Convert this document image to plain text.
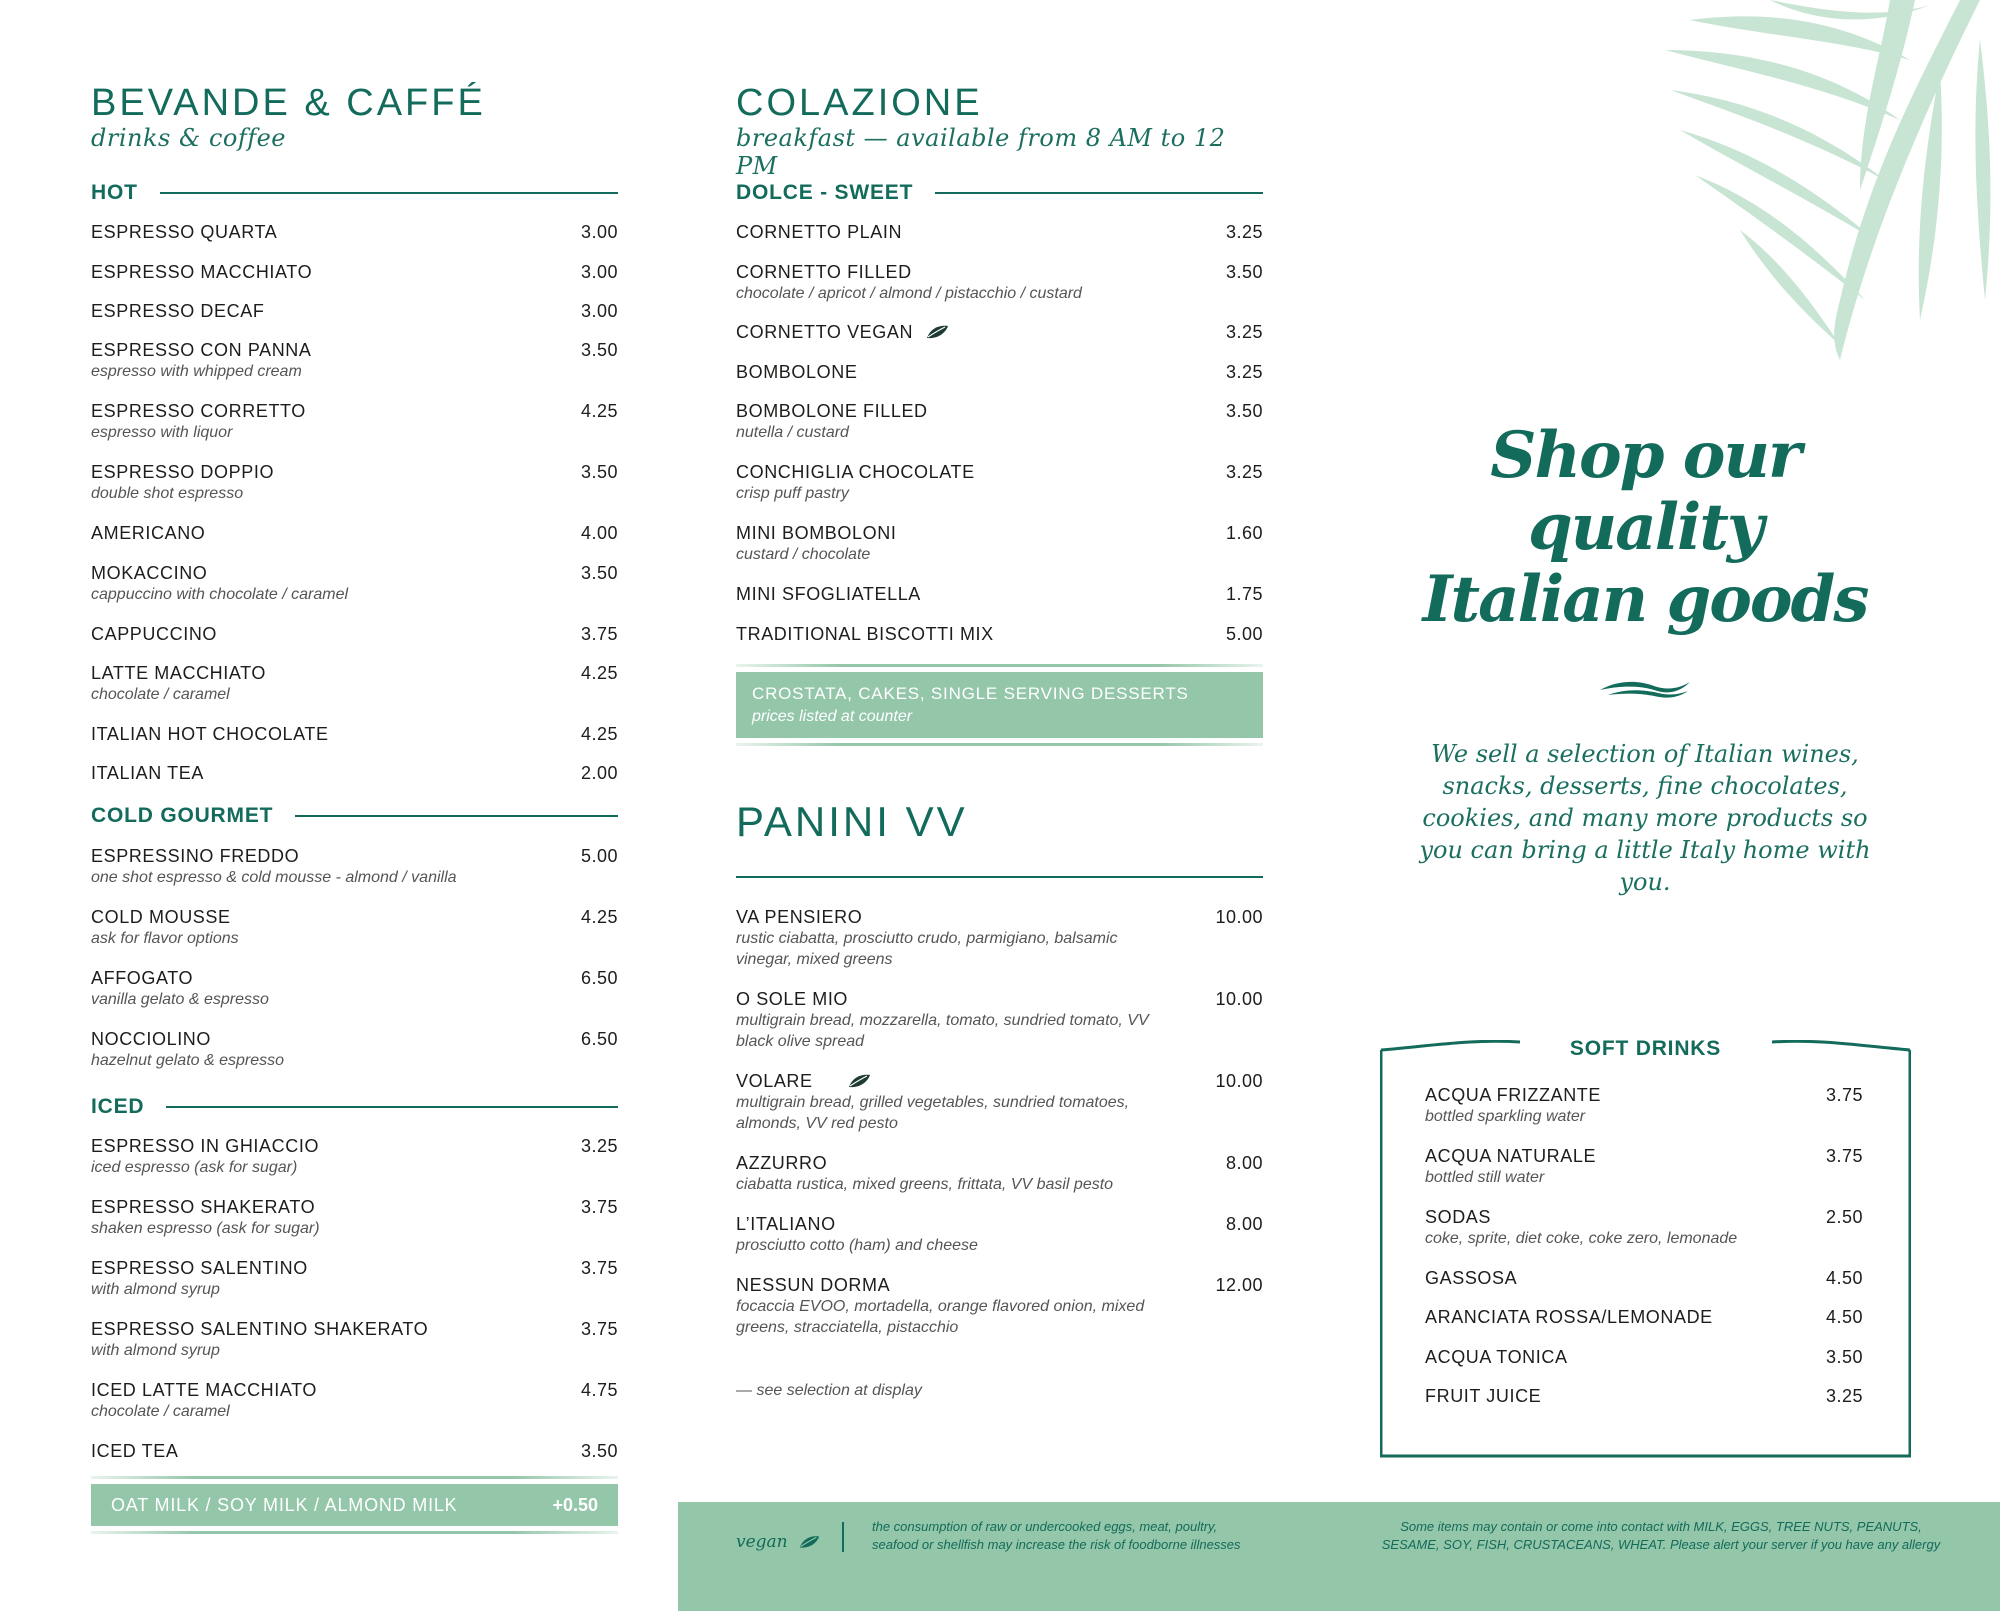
BEVANDE & CAFFÉ
drinks & coffee
HOT
ESPRESSO QUARTA	3.00
ESPRESSO MACCHIATO	3.00
ESPRESSO DECAF	3.00
ESPRESSO CON PANNA	3.50
espresso with whipped cream
ESPRESSO CORRETTO	4.25
espresso with liquor
ESPRESSO DOPPIO	3.50
double shot espresso
AMERICANO	4.00
MOKACCINO	3.50
cappuccino with chocolate / caramel
CAPPUCCINO	3.75
LATTE MACCHIATO	4.25
chocolate / caramel
ITALIAN HOT CHOCOLATE	4.25
ITALIAN TEA	2.00
COLD GOURMET
ESPRESSINO FREDDO	5.00
one shot espresso & cold mousse - almond / vanilla
COLD MOUSSE	4.25
ask for flavor options
AFFOGATO	6.50
vanilla gelato & espresso
NOCCIOLINO	6.50
hazelnut gelato & espresso
ICED
ESPRESSO IN GHIACCIO	3.25
iced espresso (ask for sugar)
ESPRESSO SHAKERATO	3.75
shaken espresso (ask for sugar)
ESPRESSO SALENTINO	3.75
with almond syrup
ESPRESSO SALENTINO SHAKERATO	3.75
with almond syrup
ICED LATTE MACCHIATO	4.75
chocolate / caramel
ICED TEA	3.50
OAT MILK / SOY MILK / ALMOND MILK	+0.50
COLAZIONE
breakfast — available from 8 AM to 12 PM
DOLCE - SWEET
CORNETTO PLAIN	3.25
CORNETTO FILLED	3.50
chocolate / apricot / almond / pistacchio / custard
CORNETTO VEGAN	3.25
BOMBOLONE	3.25
BOMBOLONE FILLED	3.50
nutella / custard
CONCHIGLIA CHOCOLATE	3.25
crisp puff pastry
MINI BOMBOLONI	1.60
custard / chocolate
MINI SFOGLIATELLA	1.75
TRADITIONAL BISCOTTI MIX	5.00
CROSTATA, CAKES, SINGLE SERVING DESSERTS
prices listed at counter
PANINI VV
VA PENSIERO	10.00
rustic ciabatta, prosciutto crudo, parmigiano, balsamic vinegar, mixed greens
O SOLE MIO	10.00
multigrain bread, mozzarella, tomato, sundried tomato, VV black olive spread
VOLARE	10.00
multigrain bread, grilled vegetables, sundried tomatoes, almonds, VV red pesto
AZZURRO	8.00
ciabatta rustica, mixed greens, frittata, VV basil pesto
L’ITALIANO	8.00
prosciutto cotto (ham) and cheese
NESSUN DORMA	12.00
focaccia EVOO, mortadella, orange flavored onion, mixed greens, stracciatella, pistacchio
— see selection at display
Shop our quality
Italian goods
We sell a selection of Italian wines, snacks, desserts, fine chocolates, cookies, and many more products so you can bring a little Italy home with you.
SOFT DRINKS
ACQUA FRIZZANTE	3.75
bottled sparkling water
ACQUA NATURALE	3.75
bottled still water
SODAS	2.50
coke, sprite, diet coke, coke zero, lemonade
GASSOSA	4.50
ARANCIATA ROSSA/LEMONADE	4.50
ACQUA TONICA	3.50
FRUIT JUICE	3.25
vegan
the consumption of raw or undercooked eggs, meat, poultry,
seafood or shellfish may increase the risk of foodborne illnesses
Some items may contain or come into contact with MILK, EGGS, TREE NUTS, PEANUTS,
SESAME, SOY, FISH, CRUSTACEANS, WHEAT. Please alert your server if you have any allergy
